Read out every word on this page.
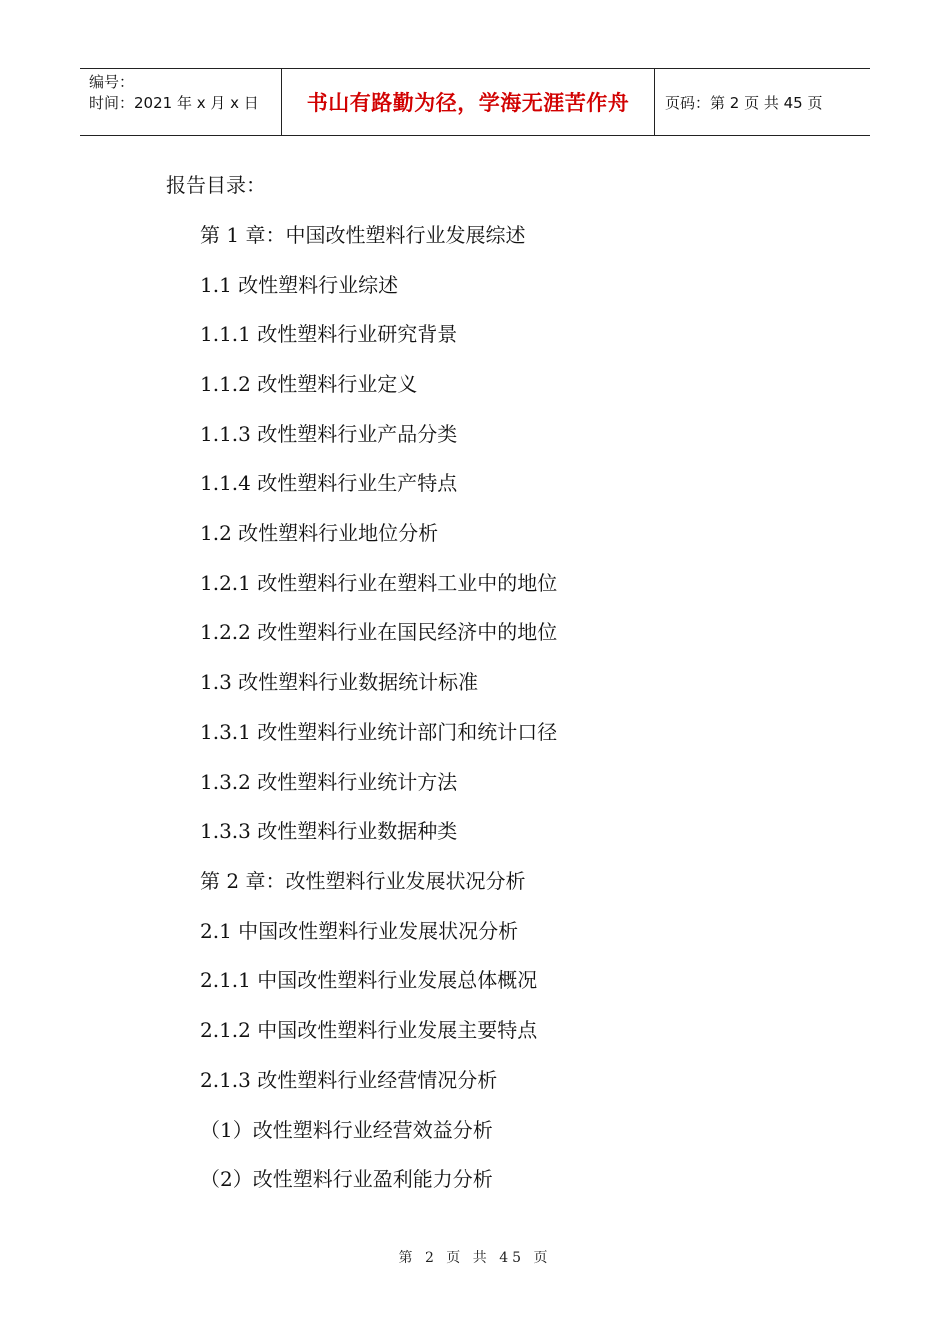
编号：
时间：2021 年 x 月 x 日	书山有路勤为径，学海无涯苦作舟	页码：第 2 页 共 45 页
报告目录：
第 1 章：中国改性塑料行业发展综述
1.1 改性塑料行业综述
1.1.1 改性塑料行业研究背景
1.1.2 改性塑料行业定义
1.1.3 改性塑料行业产品分类
1.1.4 改性塑料行业生产特点
1.2 改性塑料行业地位分析
1.2.1 改性塑料行业在塑料工业中的地位
1.2.2 改性塑料行业在国民经济中的地位
1.3 改性塑料行业数据统计标准
1.3.1 改性塑料行业统计部门和统计口径
1.3.2 改性塑料行业统计方法
1.3.3 改性塑料行业数据种类
第 2 章：改性塑料行业发展状况分析
2.1 中国改性塑料行业发展状况分析
2.1.1 中国改性塑料行业发展总体概况
2.1.2 中国改性塑料行业发展主要特点
2.1.3 改性塑料行业经营情况分析
（1）改性塑料行业经营效益分析
（2）改性塑料行业盈利能力分析
第 2 页 共 45 页
